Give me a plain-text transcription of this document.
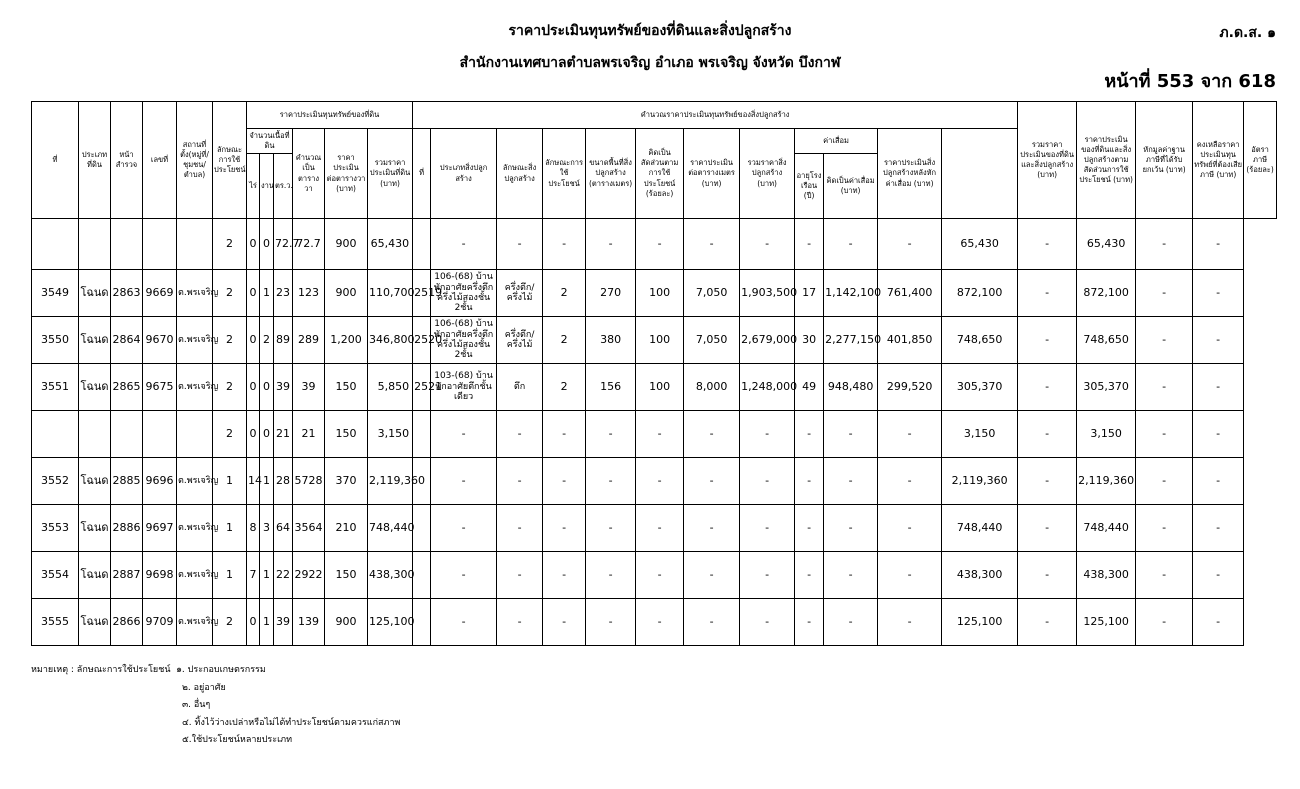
ราคาประเมินทุนทรัพย์ของที่ดินและสิ่งปลูกสร้าง
สำนักงานเทศบาลตำบลพรเจริญ อำเภอ พรเจริญ จังหวัด บึงกาฬ
ภ.ด.ส. ๑
หน้าที่ 553 จาก 618
ที่	ประเภทที่ดิน	หน้าสำรวจ	เลขที่	สถานที่ตั้ง(หมู่ที่/ชุมชน/ตำบล)	ลักษณะการใช้ประโยชน์	ราคาประเมินทุนทรัพย์ของที่ดิน						คำนวณราคาประเมินทุนทรัพย์ของสิ่งปลูกสร้าง												รวมราคาประเมินของที่ดินและสิ่งปลูกสร้าง (บาท)	ราคาประเมินของที่ดินและสิ่งปลูกสร้างตามสัดส่วนการใช้ประโยชน์ (บาท)	หักมูลค่าฐานภาษีที่ได้รับยกเว้น (บาท)	คงเหลือราคาประเมินทุนทรัพย์ที่ต้องเสียภาษี (บาท)	อัตราภาษี (ร้อยละ)
						จำนวนเนื้อที่ดิน			คำนวณเป็นตารางวา	ราคาประเมินต่อตารางวา (บาท)	รวมราคาประเมินที่ดิน (บาท)	ที่	ประเภทสิ่งปลูกสร้าง	ลักษณะสิ่งปลูกสร้าง	ลักษณะการใช้ประโยชน์	ขนาดพื้นที่สิ่งปลูกสร้าง (ตารางเมตร)	คิดเป็นสัดส่วนตามการใช้ประโยชน์ (ร้อยละ)	ราคาประเมินต่อตารางเมตร (บาท)	รวมราคาสิ่งปลูกสร้าง (บาท)	ค่าเสื่อม		ราคาประเมินสิ่งปลูกสร้างหลังหักค่าเสื่อม (บาท)						
						ไร่	งาน	ตร.ว.												อายุโรงเรือน (ปี)	คิดเป็นค่าเสื่อม (บาท)							
					2	0	0	72.7	72.7	900	65,430		-	-	-	-	-	-	-	-	-	-	65,430	-	65,430	-	-	
3549	โฉนด	2863	9669	ต.พรเจริญ	2	0	1	23	123	900	110,700	2519	106-(68) บ้านพักอาศัยครึ่งตึกครึ่งไม้สองชั้น 2ชั้น	ครึ่งตึก/ครึ่งไม้	2	270	100	7,050	1,903,500	17	1,142,100	761,400	872,100	-	872,100	-	-	
3550	โฉนด	2864	9670	ต.พรเจริญ	2	0	2	89	289	1,200	346,800	2520	106-(68) บ้านพักอาศัยครึ่งตึกครึ่งไม้สองชั้น 2ชั้น	ครึ่งตึก/ครึ่งไม้	2	380	100	7,050	2,679,000	30	2,277,150	401,850	748,650	-	748,650	-	-	
3551	โฉนด	2865	9675	ต.พรเจริญ	2	0	0	39	39	150	5,850	2521	103-(68) บ้านพักอาศัยตึกชั้นเดียว	ตึก	2	156	100	8,000	1,248,000	49	948,480	299,520	305,370	-	305,370	-	-	
					2	0	0	21	21	150	3,150		-	-	-	-	-	-	-	-	-	-	3,150	-	3,150	-	-	
3552	โฉนด	2885	9696	ต.พรเจริญ	1	14	1	28	5728	370	2,119,360		-	-	-	-	-	-	-	-	-	-	2,119,360	-	2,119,360	-	-	
3553	โฉนด	2886	9697	ต.พรเจริญ	1	8	3	64	3564	210	748,440		-	-	-	-	-	-	-	-	-	-	748,440	-	748,440	-	-	
3554	โฉนด	2887	9698	ต.พรเจริญ	1	7	1	22	2922	150	438,300		-	-	-	-	-	-	-	-	-	-	438,300	-	438,300	-	-	
3555	โฉนด	2866	9709	ต.พรเจริญ	2	0	1	39	139	900	125,100		-	-	-	-	-	-	-	-	-	-	125,100	-	125,100	-	-	
หมายเหตุ : ลักษณะการใช้ประโยชน์ ๑. ประกอบเกษตรกรรม
๒. อยู่อาศัย
๓. อื่นๆ
๔. ทิ้งไว้ว่างเปล่าหรือไม่ได้ทำประโยชน์ตามควรแก่สภาพ
๕.ใช้ประโยชน์หลายประเภท
